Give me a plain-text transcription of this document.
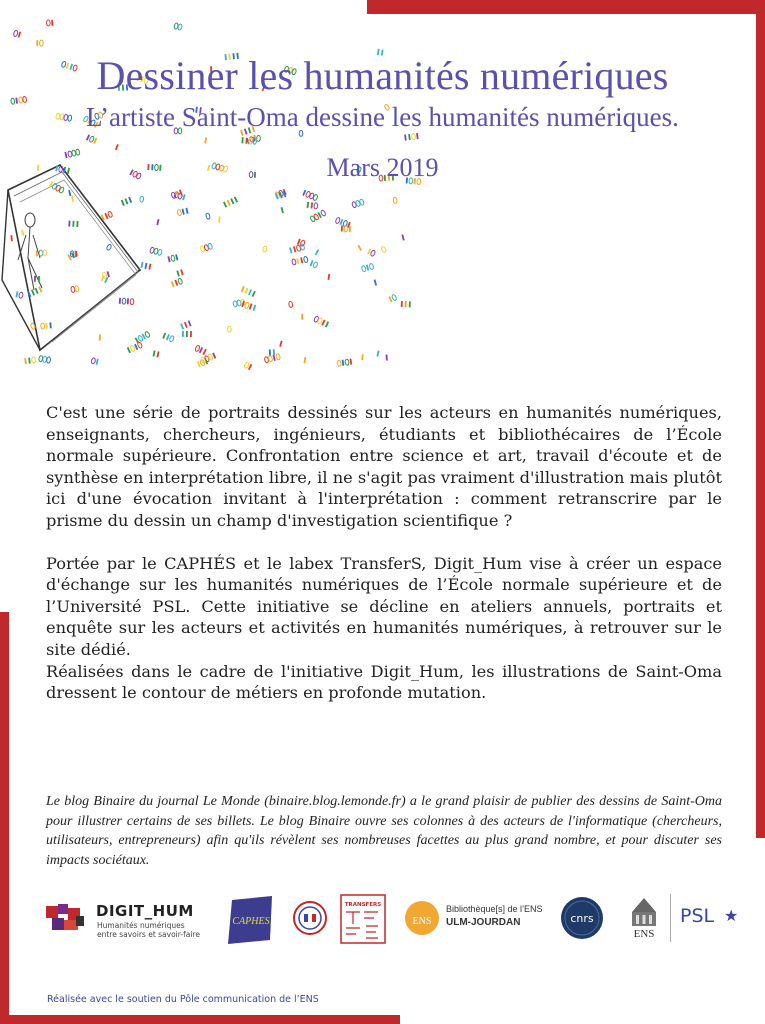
Dessiner les humanités numériques
L’artiste Saint-Oma dessine les humanités numériques.
Mars 2019

C'est une série de portraits dessinés sur les acteurs en humanités numériques, enseignants, chercheurs, ingénieurs, étudiants et bibliothécaires de l’École normale supérieure. Confrontation entre science et art, travail d'écoute et de synthèse en interprétation libre, il ne s'agit pas vraiment d'illustration mais plutôt ici d'une évocation invitant à l'interprétation : comment retranscrire par le prisme du dessin un champ d'investigation scientifique ?

Portée par le CAPHÉS et le labex TransferS, Digit_Hum vise à créer un espace d'échange sur les humanités numériques de l’École normale supérieure et de l’Université PSL. Cette initiative se décline en ateliers annuels, portraits et enquête sur les acteurs et activités en humanités numériques, à retrouver sur le site dédié.

Réalisées dans le cadre de l'initiative Digit_Hum, les illustrations de Saint-Oma dressent le contour de métiers en profonde mutation.

Le blog Binaire du journal Le Monde (binaire.blog.lemonde.fr) a le grand plaisir de publier des dessins de Saint-Oma pour illustrer certains de ses billets. Le blog Binaire ouvre ses colonnes à des acteurs de l'informatique (chercheurs, utilisateurs, entrepreneurs) afin qu'ils révèlent ses nombreuses facettes au plus grand nombre, et pour discuter ses impacts sociétaux.
DIGIT_HUM
Humanités numériques
entre savoirs et savoir-faire
CAPHES
TRANSFERS
ENS
Bibliothèque[s] de l’ENS
ULM-JOURDAN	cnrs
ENS
PSL ★
Réalisée avec le soutien du Pôle communication de l’ENS
